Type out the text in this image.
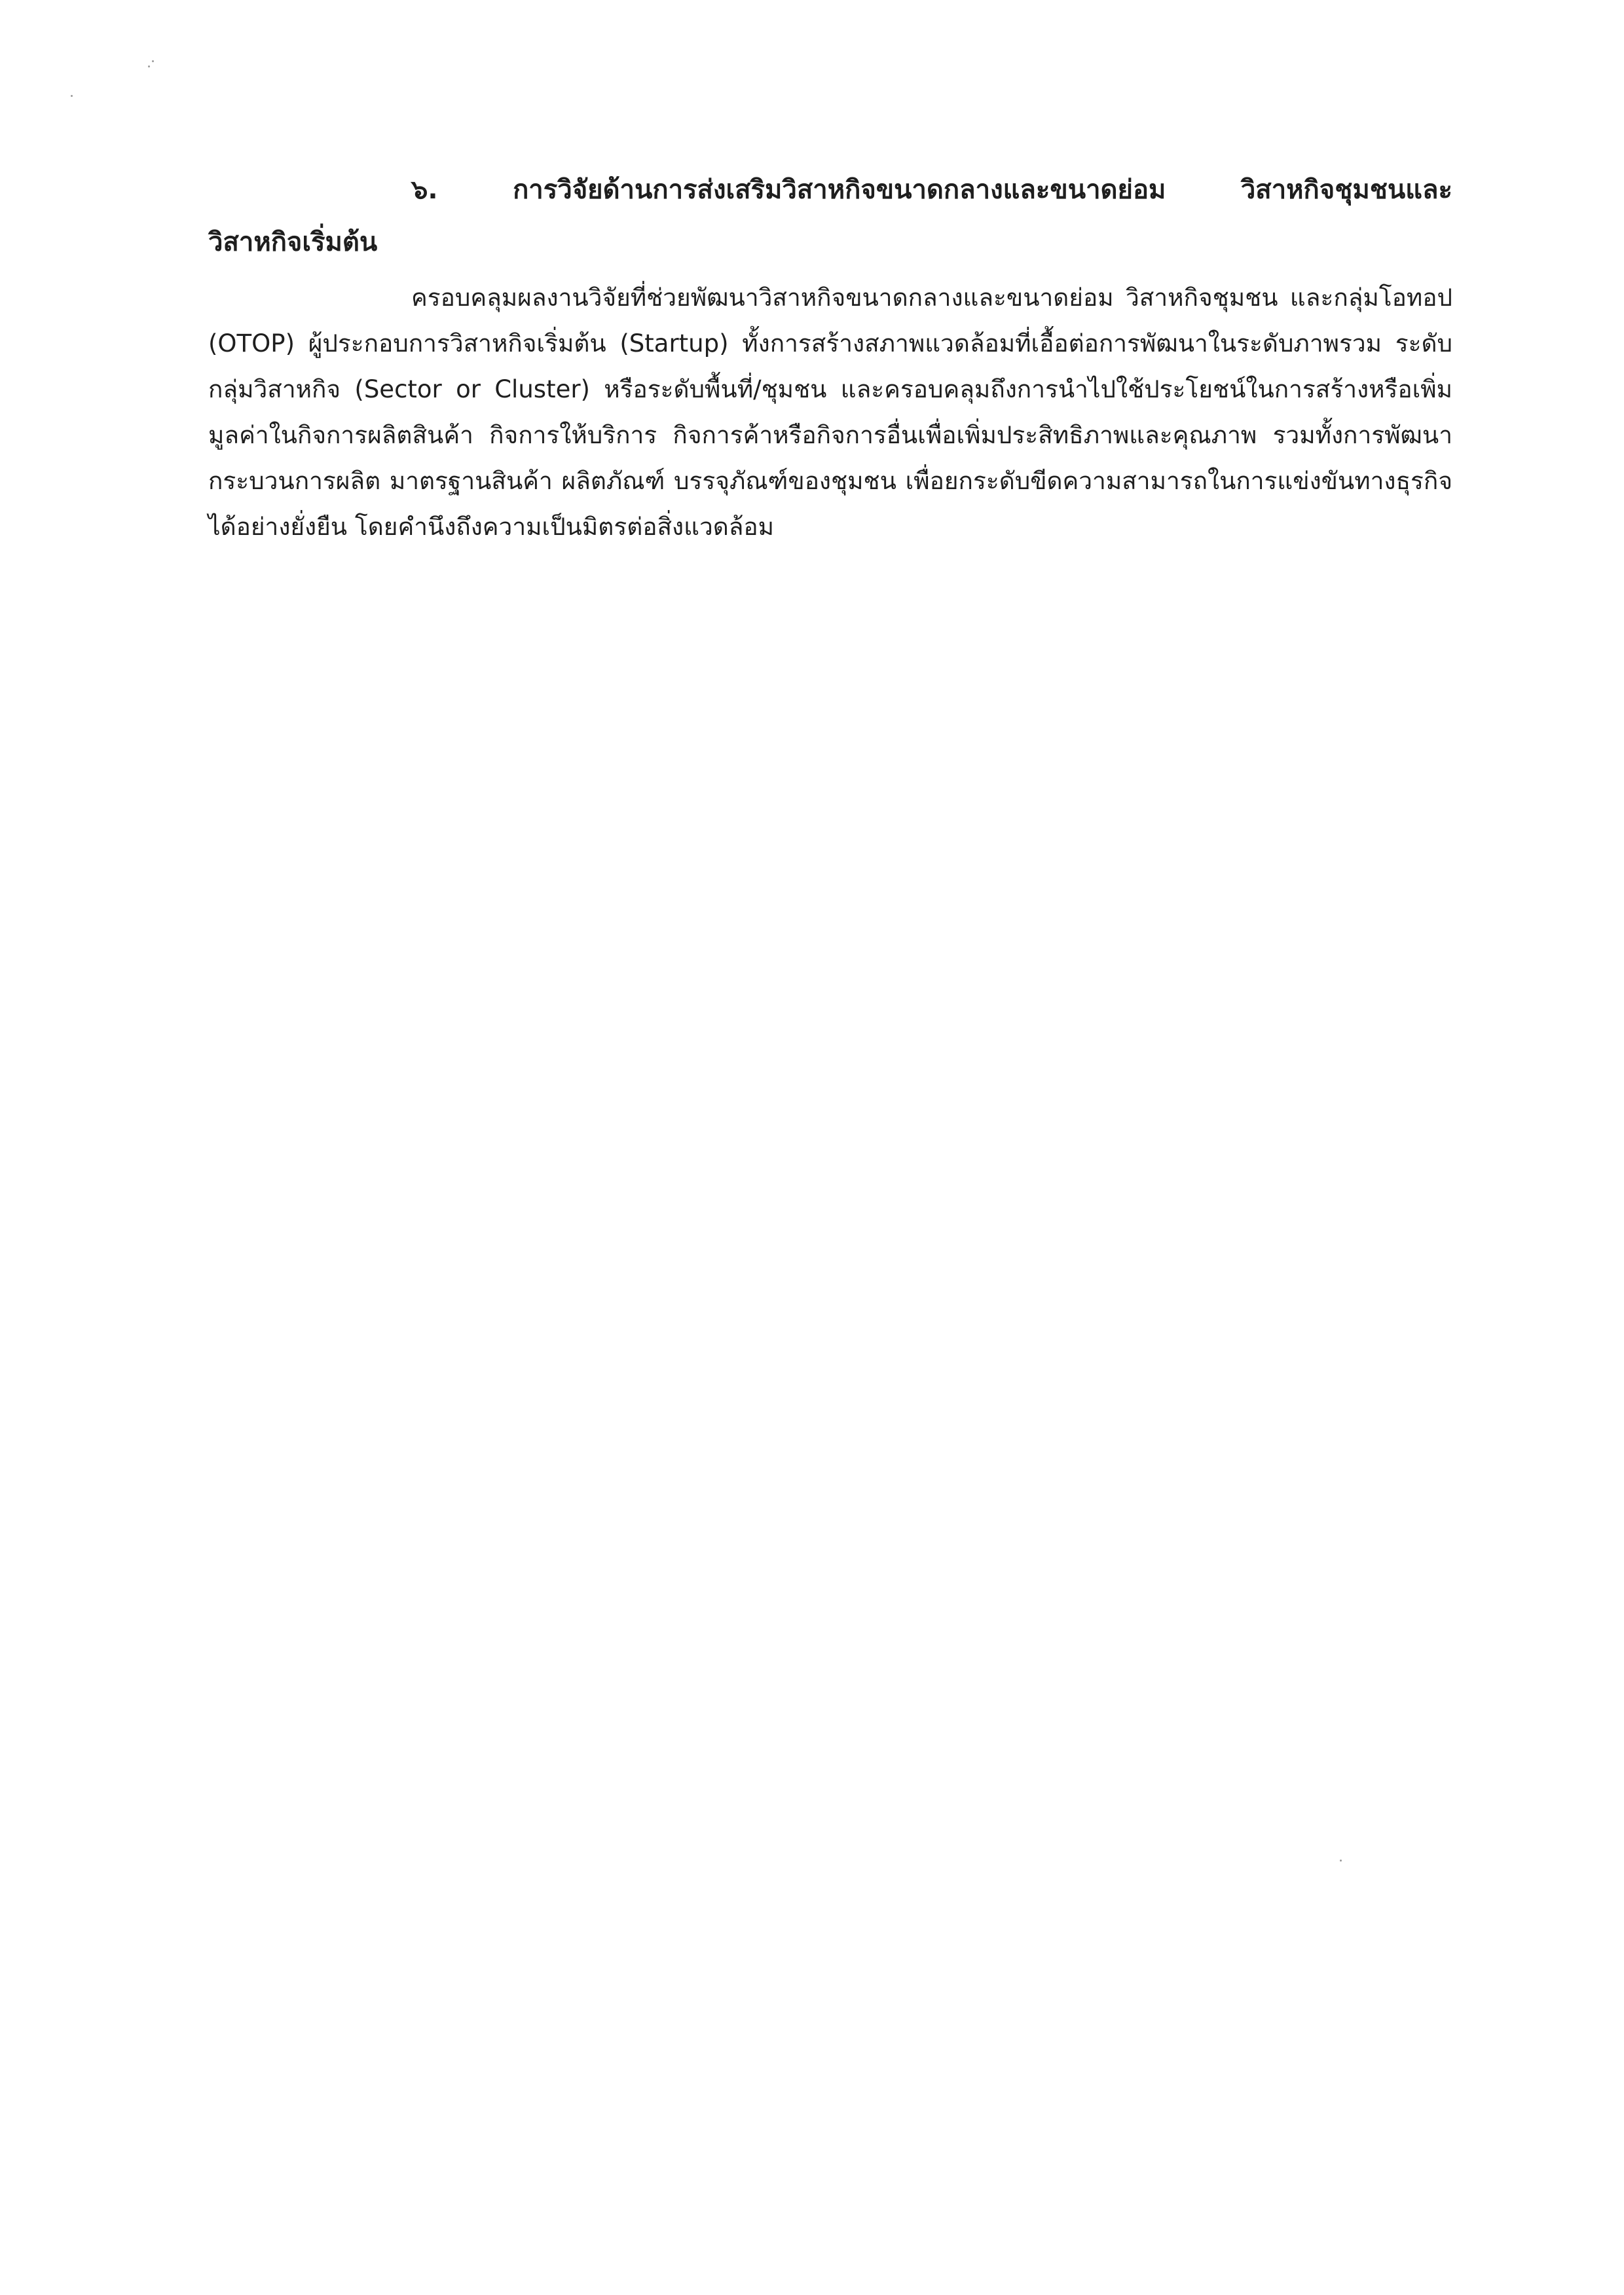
๖. การวิจัยด้านการส่งเสริมวิสาหกิจขนาดกลางและขนาดย่อม วิสาหกิจชุมชนและ
วิสาหกิจเริ่มต้น

ครอบคลุมผลงานวิจัยที่ช่วยพัฒนาวิสาหกิจขนาดกลางและขนาดย่อม วิสาหกิจชุมชน และกลุ่มโอทอป (OTOP) ผู้ประกอบการวิสาหกิจเริ่มต้น (Startup) ทั้งการสร้างสภาพแวดล้อมที่เอื้อต่อการพัฒนาในระดับภาพรวม ระดับกลุ่มวิสาหกิจ (Sector or Cluster) หรือระดับพื้นที่/ชุมชน และครอบคลุมถึงการนำไปใช้ประโยชน์ในการสร้างหรือเพิ่มมูลค่าในกิจการผลิตสินค้า กิจการให้บริการ กิจการค้าหรือกิจการอื่นเพื่อเพิ่มประสิทธิภาพและคุณภาพ รวมทั้งการพัฒนากระบวนการผลิต มาตรฐานสินค้า ผลิตภัณฑ์ บรรจุภัณฑ์ของชุมชน เพื่อยกระดับขีดความสามารถในการแข่งขันทางธุรกิจได้อย่างยั่งยืน โดยคำนึงถึงความเป็นมิตรต่อสิ่งแวดล้อม
